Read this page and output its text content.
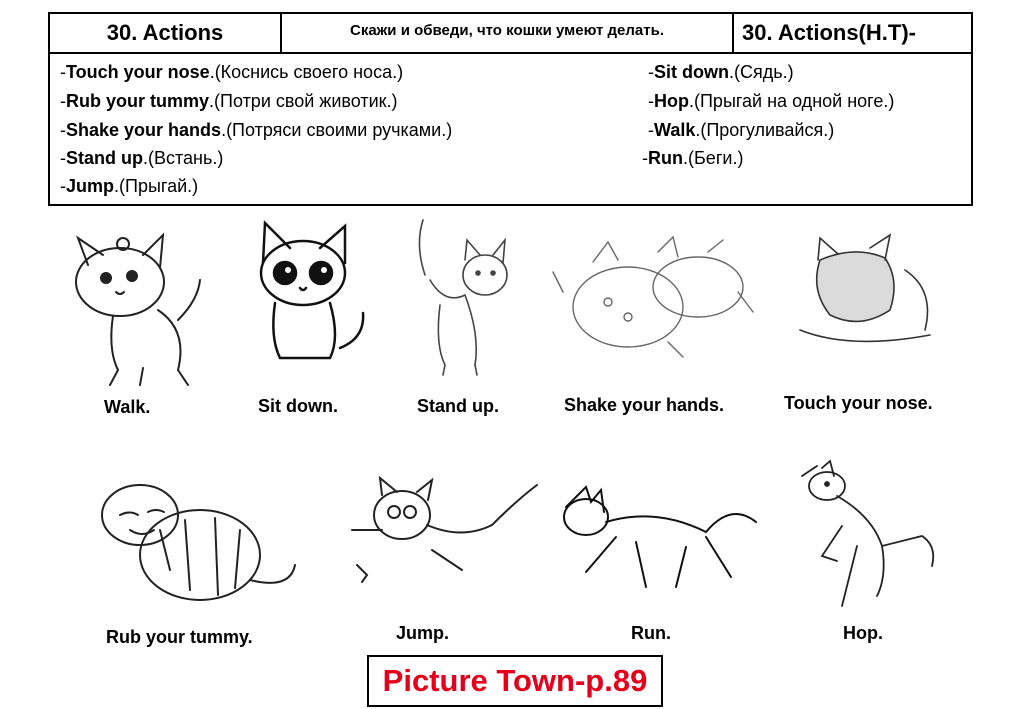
30. Actions	Скажи и обведи, что кошки умеют делать.	30. Actions(H.T)-
-Touch your nose.(Коснись своего носа.)
-Rub your tummy.(Потри свой животик.)
-Shake your hands.(Потряси своими ручками.)
-Stand up.(Встань.)
-Jump.(Прыгай.)
-Sit down.(Сядь.)
-Hop.(Прыгай на одной ноге.)
-Walk.(Прогуливайся.)
-Run.(Беги.)
Walk.	Sit down.	Stand up.	Shake your hands.	Touch your nose.
Rub your tummy.	Jump.	Run.	Hop.
Picture Town-p.89
